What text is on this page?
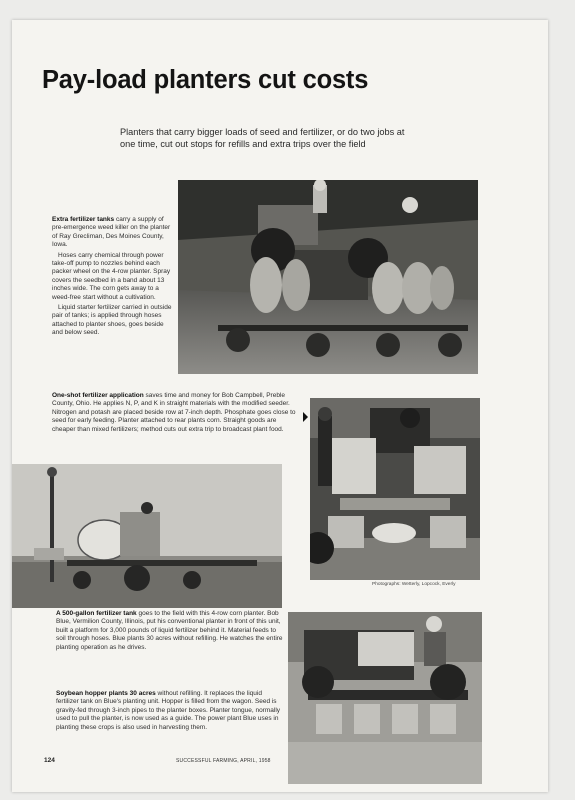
Pay-load planters cut costs

Planters that carry bigger loads of seed and fertilizer, or do two jobs at one time, cut out stops for refills and extra trips over the field

Extra fertilizer tanks carry a supply of pre-emergence weed killer on the planter of Ray Grecliman, Des Moines County, Iowa.

Hoses carry chemical through power take-off pump to nozzles behind each packer wheel on the 4-row planter. Spray covers the seedbed in a band about 13 inches wide. The corn gets away to a weed-free start without a cultivation.

Liquid starter fertilizer carried in outside pair of tanks; is applied through hoses attached to planter shoes, goes beside and below seed.

One-shot fertilizer application saves time and money for Bob Campbell, Preble County, Ohio. He applies N, P, and K in straight materials with the modified seeder. Nitrogen and potash are placed beside row at 7-inch depth. Phosphate goes close to seed for early feeding. Planter attached to rear plants corn. Straight goods are cheaper than mixed fertilizers; method cuts out extra trip to broadcast plant food.

A 500-gallon fertilizer tank goes to the field with this 4-row corn planter. Bob Blue, Vermilion County, Illinois, put his conventional planter in front of this unit, built a platform for 3,000 pounds of liquid fertilizer behind it. Material feeds to soil through hoses. Blue plants 30 acres without refilling. He watches the entire planting operation as he drives.

Photographs: Wetterly, Lopcock, Everly

Soybean hopper plants 30 acres without refilling. It replaces the liquid fertilizer tank on Blue's planting unit. Hopper is filled from the wagon. Seed is gravity-fed through 3-inch pipes to the planter boxes. Planter tongue, normally used to pull the planter, is now used as a guide. The power plant Blue uses in planting these crops is also used in harvesting them.

124	SUCCESSFUL FARMING, APRIL, 1958
